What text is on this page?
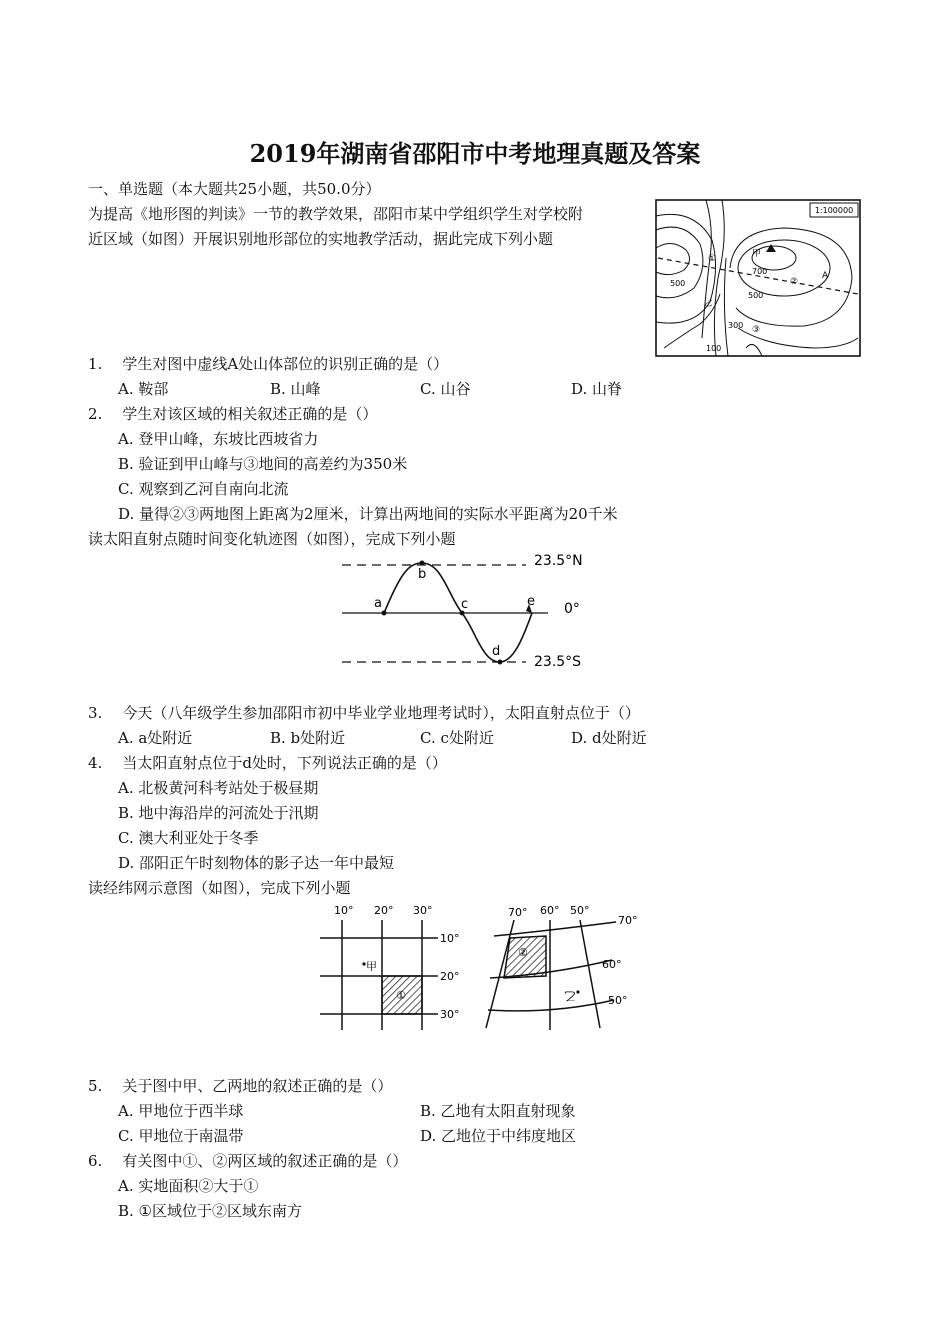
2019年湖南省邵阳市中考地理真题及答案
一、单选题（本大题共25小题，共50.0分）
为提高《地形图的判读》一节的教学效果，邵阳市某中学组织学生对学校附
近区域（如图）开展识别地形部位的实地教学活动，据此完成下列小题
1:100000
甲
700
①
②
A
500
500
乙
300 ③
100
1. 学生对图中虚线A处山体部位的识别正确的是（）
A. 鞍部	B. 山峰	C. 山谷	D. 山脊
2. 学生对该区域的相关叙述正确的是（）
A. 登甲山峰，东坡比西坡省力
B. 验证到甲山峰与③地间的高差约为350米
C. 观察到乙河自南向北流
D. 量得②③两地图上距离为2厘米，计算出两地间的实际水平距离为20千米
读太阳直射点随时间变化轨迹图（如图），完成下列小题
a
b
c
d
e
23.5°N
0°
23.5°S
3. 今天（八年级学生参加邵阳市初中毕业学业地理考试时），太阳直射点位于（）
A. a处附近	B. b处附近	C. c处附近	D. d处附近
4. 当太阳直射点位于d处时，下列说法正确的是（）
A. 北极黄河科考站处于极昼期
B. 地中海沿岸的河流处于汛期
C. 澳大利亚处于冬季
D. 邵阳正午时刻物体的影子达一年中最短
读经纬网示意图（如图），完成下列小题
甲
①
10° 20° 30°
10°
20°
30°
②
乙
70° 60° 50°
70°
60°
50°
5. 关于图中甲、乙两地的叙述正确的是（）
A. 甲地位于西半球	B. 乙地有太阳直射现象
C. 甲地位于南温带	D. 乙地位于中纬度地区
6. 有关图中①、②两区域的叙述正确的是（）
A. 实地面积②大于①
B. ①区域位于②区域东南方
